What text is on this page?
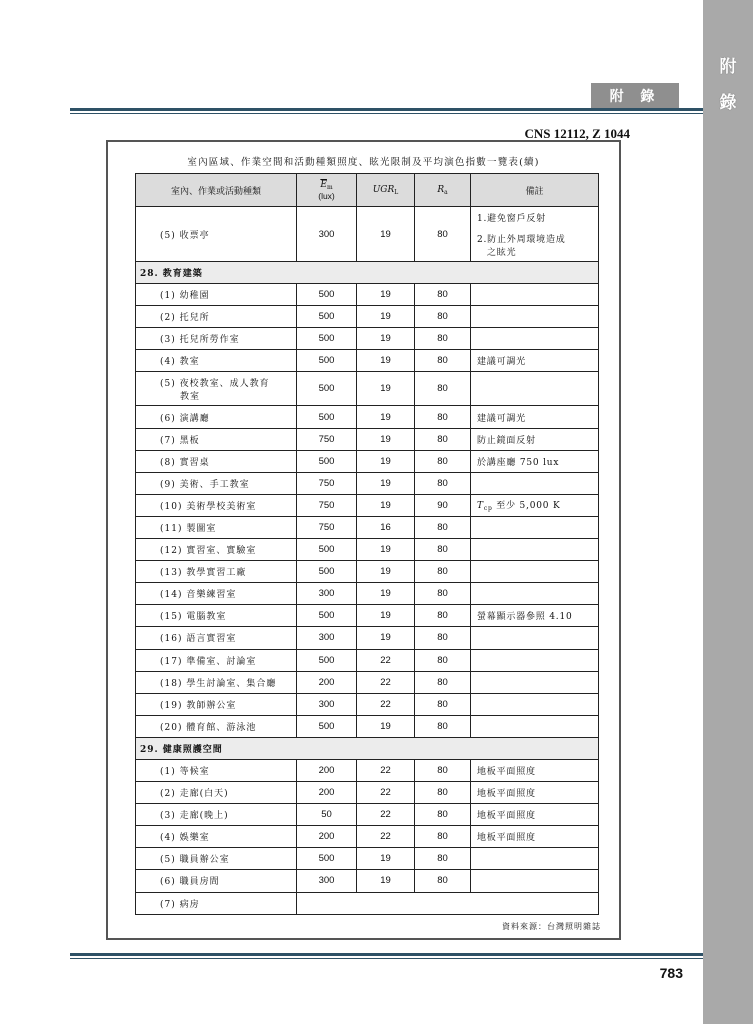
附
錄
附 錄
CNS 12112, Z 1044
室內區域、作業空間和活動種類照度、眩光限制及平均演色指數一覽表(續)
室內、作業或活動種類	$\overline{E}_m$
(lux)	$UGR_L$	$R_a$	備註
(5) 收票亭	300	19	80	1.避免窗戶反射
2.防止外周環境造成
之眩光

28. 教育建築				

(1) 幼稚園	500	19	80	

(2) 托兒所	500	19	80	

(3) 托兒所勞作室	500	19	80	

(4) 教室	500	19	80	建議可調光

(5) 夜校教室、成人教育
教室	500	19	80	

(6) 演講廳	500	19	80	建議可調光

(7) 黑板	750	19	80	防止鏡面反射

(8) 實習桌	500	19	80	於講座廳 750 lux

(9) 美術、手工教室	750	19	80	

(10) 美術學校美術室	750	19	90	$T_{cp}$ 至少 5,000 K

(11) 製圖室	750	16	80	

(12) 實習室、實驗室	500	19	80	

(13) 教學實習工廠	500	19	80	

(14) 音樂練習室	300	19	80	

(15) 電腦教室	500	19	80	螢幕顯示器參照 4.10

(16) 語言實習室	300	19	80	

(17) 準備室、討論室	500	22	80	

(18) 學生討論室、集合廳	200	22	80	

(19) 教師辦公室	300	22	80	

(20) 體育館、游泳池	500	19	80	
29. 健康照護空間				

(1) 等候室	200	22	80	地板平面照度

(2) 走廊(白天)	200	22	80	地板平面照度

(3) 走廊(晚上)	50	22	80	地板平面照度

(4) 娛樂室	200	22	80	地板平面照度

(5) 職員辦公室	500	19	80	

(6) 職員房間	300	19	80	
(7) 病房				
資料來源：台灣照明雜誌
783
